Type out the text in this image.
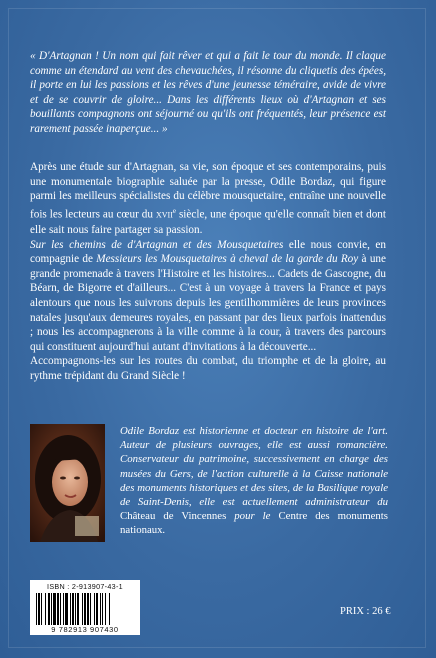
« D'Artagnan ! Un nom qui fait rêver et qui a fait le tour du monde. Il claque comme un étendard au vent des chevauchées, il résonne du cliquetis des épées, il porte en lui les passions et les rêves d'une jeunesse téméraire, avide de vivre et de se couvrir de gloire... Dans les différents lieux où d'Artagnan et ses bouillants compagnons ont séjourné ou qu'ils ont fréquentés, leur présence est rarement passée inaperçue... »

Après une étude sur d'Artagnan, sa vie, son époque et ses contemporains, puis une monumentale biographie saluée par la presse, Odile Bordaz, qui figure parmi les meilleurs spécialistes du célèbre mousquetaire, entraîne une nouvelle fois les lecteurs au cœur du XVIIe siècle, une époque qu'elle connaît bien et dont elle sait nous faire partager sa passion.

Sur les chemins de d'Artagnan et des Mousquetaires elle nous convie, en compagnie de Messieurs les Mousquetaires à cheval de la garde du Roy à une grande promenade à travers l'Histoire et les histoires... Cadets de Gascogne, du Béarn, de Bigorre et d'ailleurs... C'est à un voyage à travers la France et pays alentours que nous les suivrons depuis les gentilhommières de leurs provinces natales jusqu'aux demeures royales, en passant par des lieux parfois inattendus ; nous les accompagnerons à la ville comme à la cour, à travers des parcours qui constituent aujourd'hui autant d'invitations à la découverte...

Accompagnons-les sur les routes du combat, du triomphe et de la gloire, au rythme trépidant du Grand Siècle !

Odile Bordaz est historienne et docteur en histoire de l'art. Auteur de plusieurs ouvrages, elle est aussi romancière. Conservateur du patrimoine, successivement en charge des musées du Gers, de l'action culturelle à la Caisse nationale des monuments historiques et des sites, de la Basilique royale de Saint-Denis, elle est actuellement administrateur du Château de Vincennes pour le Centre des monuments nationaux.
ISBN : 2-913907-43-1
9 782913 907430
PRIX : 26 €
